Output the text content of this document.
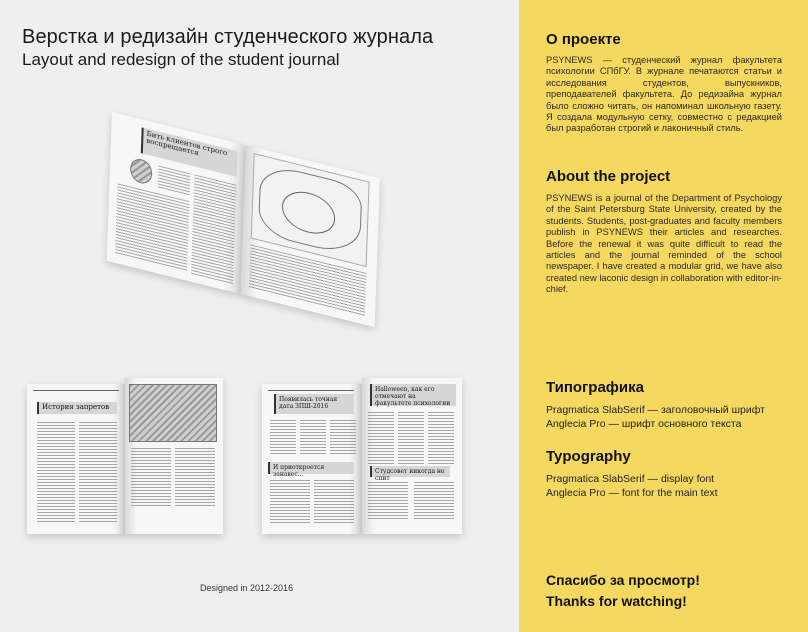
Верстка и редизайн студенческого журнала
Layout and redesign of the student journal
Бить клиентов строго воспрещается
История запретов
Появилась точная дата ЗПШ-2016
И приоткроется занавес…
Halloween, как его отмечают на факультете психологии
Студсовет никогда не спит
Designed in 2012-2016
О проекте
PSYNEWS — студенческий журнал факультета психологии СПбГУ. В журнале печатаются статьи и исследования студентов, выпускников, преподавателей факультета. До редизайна журнал было сложно читать, он напоминал школьную газету. Я создала модульную сетку, совместно с редакцией был разработан строгий и лаконичный стиль.
About the project
PSYNEWS is a journal of the Department of Psychology of the Saint Petersburg State University, created by the students. Students, post-graduates and faculty members publish in PSYNEWS their articles and researches. Before the renewal it was quite difficult to read the articles and the journal reminded of the school newspaper. I have created a modular grid, we have also created new laconic design in collaboration with editor-in-chief.
Типографика
Pragmatica SlabSerif — заголовочный шрифт
Anglecia Pro — шрифт основного текста
Typography
Pragmatica SlabSerif — display font
Anglecia Pro — font for the main text
Спасибо за просмотр!
Thanks for watching!
